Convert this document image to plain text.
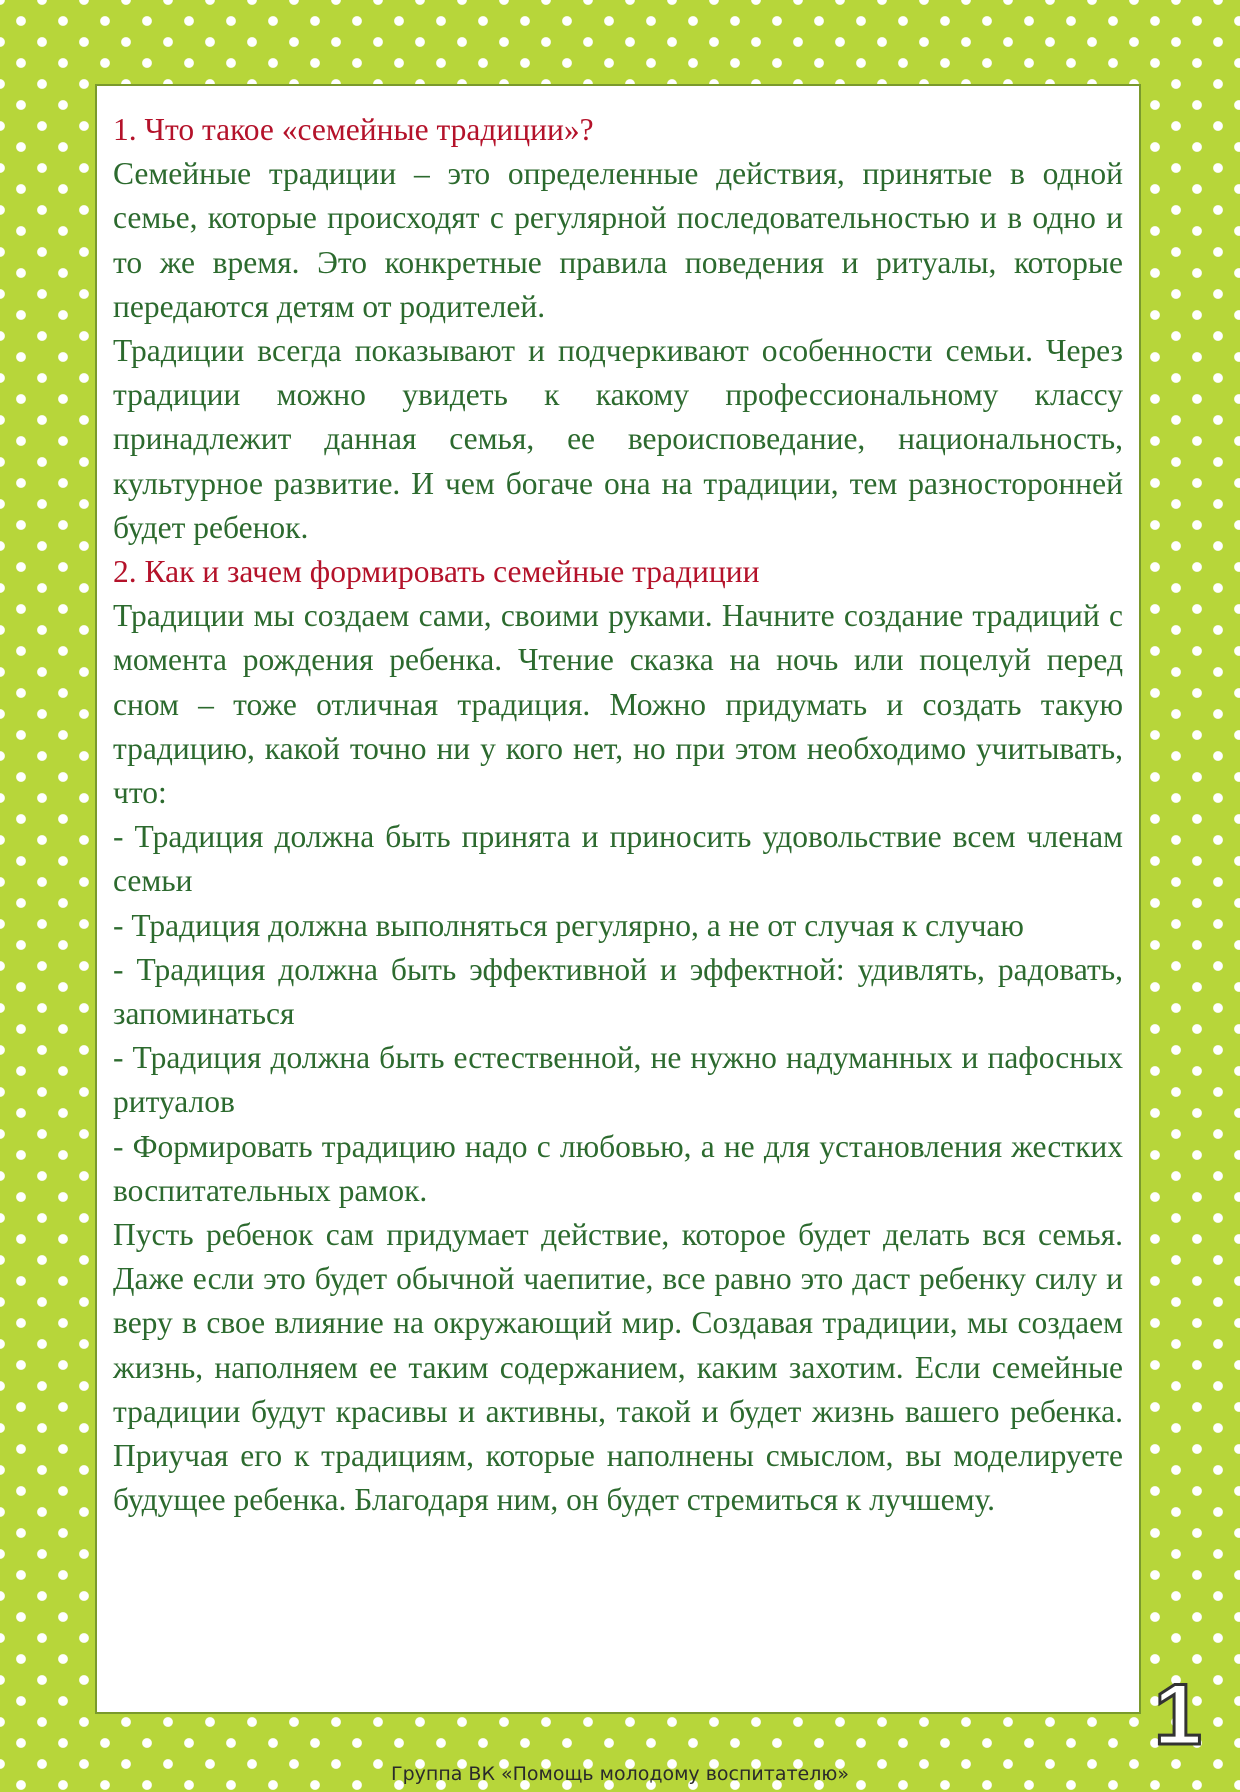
1. Что такое «семейные традиции»?

Семейные традиции – это определенные действия, принятые в одной семье, которые происходят с регулярной последовательностью и в одно и то же время. Это конкретные правила поведения и ритуалы, которые передаются детям от родителей.

Традиции всегда показывают и подчеркивают особенности семьи. Через традиции можно увидеть к какому профессиональному классу принадлежит данная семья, ее вероисповедание, национальность, культурное развитие. И чем богаче она на традиции, тем разносторонней будет ребенок.

2. Как и зачем формировать семейные традиции

Традиции мы создаем сами, своими руками. Начните создание традиций с момента рождения ребенка. Чтение сказка на ночь или поцелуй перед сном – тоже отличная традиция. Можно придумать и создать такую традицию, какой точно ни у кого нет, но при этом необходимо учитывать, что:

- Традиция должна быть принята и приносить удовольствие всем членам семьи

- Традиция должна выполняться регулярно, а не от случая к случаю

- Традиция должна быть эффективной и эффектной: удивлять, радовать, запоминаться

- Традиция должна быть естественной, не нужно надуманных и пафосных ритуалов

- Формировать традицию надо с любовью, а не для установления жестких воспитательных рамок.

Пусть ребенок сам придумает действие, которое будет делать вся семья. Даже если это будет обычной чаепитие, все равно это даст ребенку силу и веру в свое влияние на окружающий мир. Создавая традиции, мы создаем жизнь, наполняем ее таким содержанием, каким захотим. Если семейные традиции будут красивы и активны, такой и будет жизнь вашего ребенка. Приучая его к традициям, которые наполнены смыслом, вы моделируете будущее ребенка. Благодаря ним, он будет стремиться к лучшему.

Группа ВК «Помощь молодому воспитателю»
1
